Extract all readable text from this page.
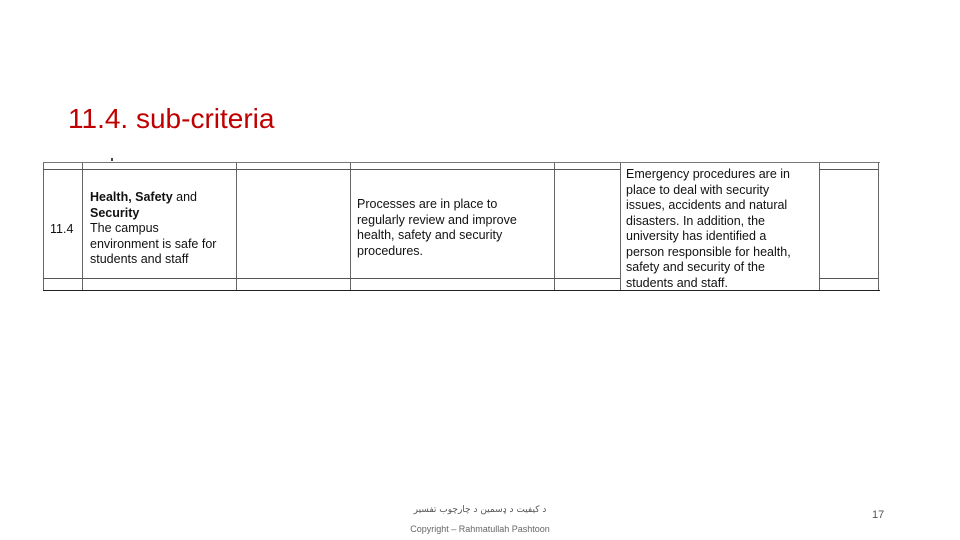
11.4. sub-criteria
11.4
Health, Safety and
Security
The campus
environment is safe for
students and staff
Processes are in place to
regularly review and improve
health, safety and security
procedures.
Emergency procedures are in
place to deal with security
issues, accidents and natural
disasters. In addition, the
university has identified a
person responsible for health,
safety and security of the
students and staff.
د کیفیت د ډسمین د چارچوب تفسیر
Copyright – Rahmatullah Pashtoon
17
